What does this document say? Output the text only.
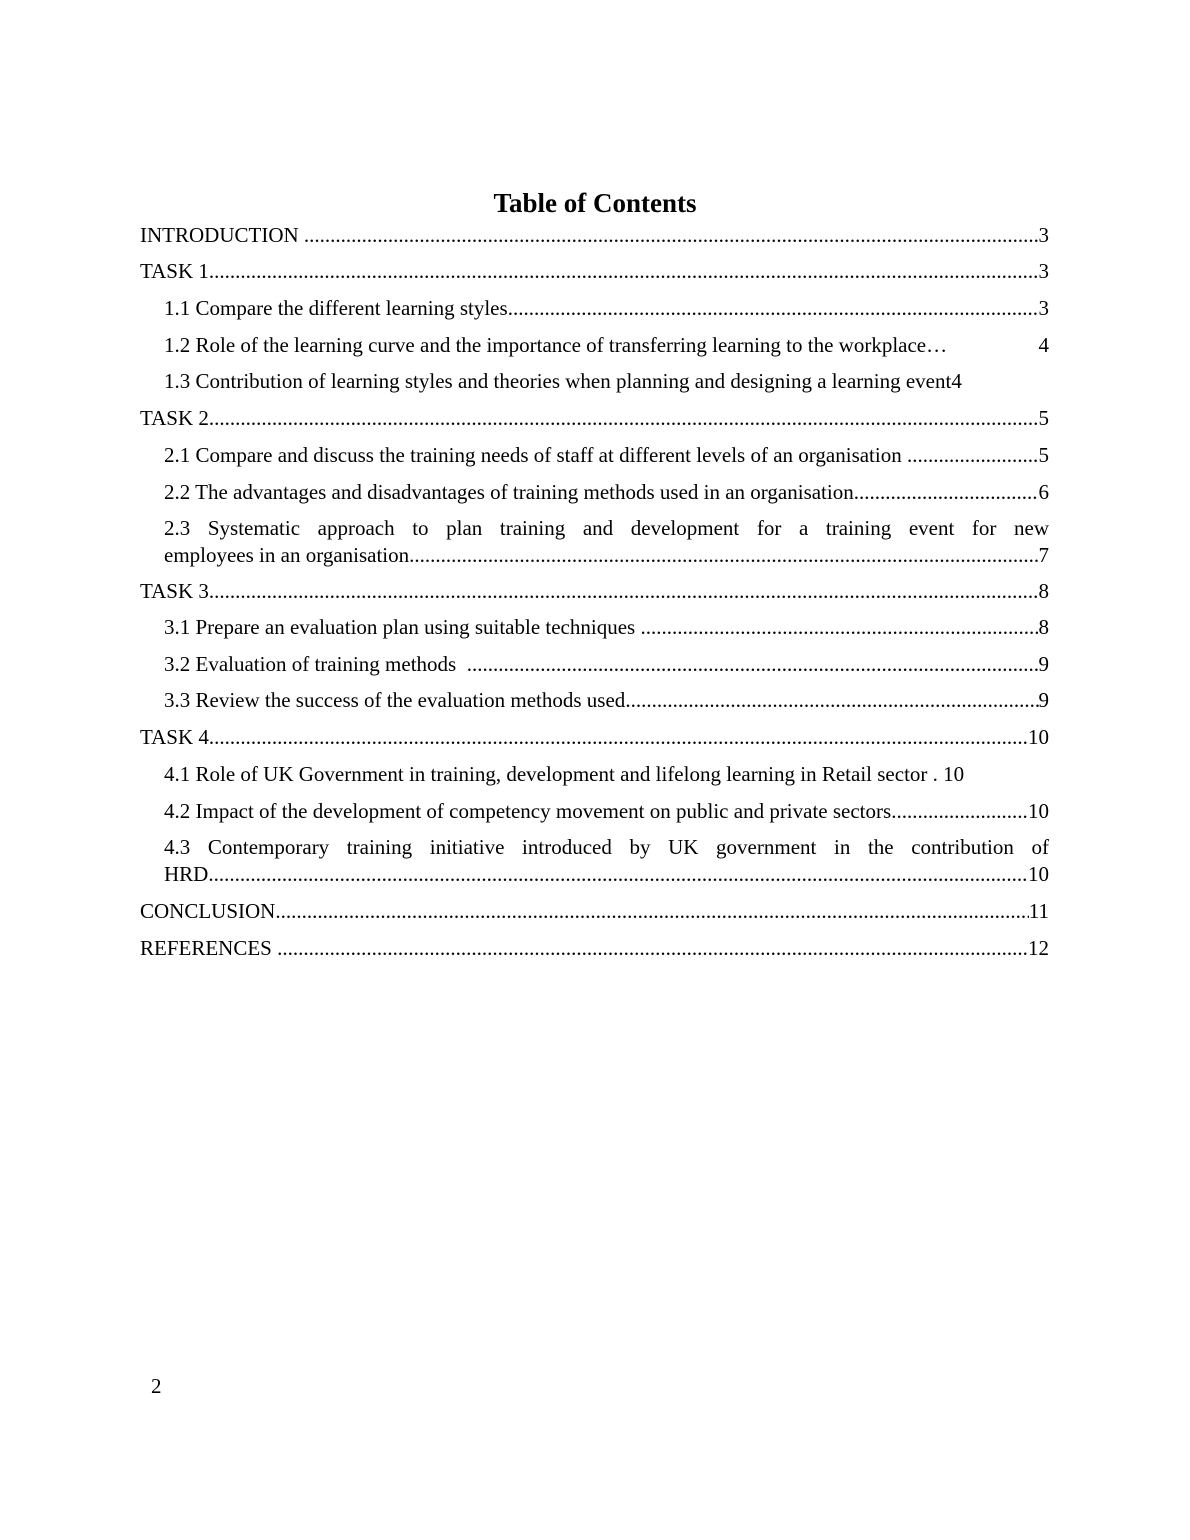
Table of Contents
INTRODUCTION .....	3
TASK 1 .....	3
1.1 Compare the different learning styles .....	3
1.2 Role of the learning curve and the importance of transferring learning to the workplace …	4
1.3 Contribution of learning styles and theories when planning and designing a learning event 4
TASK 2 .....	5
2.1 Compare and discuss the training needs of staff at different levels of an organisation .....	5
2.2 The advantages and disadvantages of training methods used in an organisation .....	6
2.3 Systematic approach to plan training and development for a training event for new
employees in an organisation .....	7
TASK 3 .....	8
3.1 Prepare an evaluation plan using suitable techniques .....	8
3.2 Evaluation of training methods .....	9
3.3 Review the success of the evaluation methods used .....	9
TASK 4 .....	10
4.1 Role of UK Government in training, development and lifelong learning in Retail sector . 10
4.2 Impact of the development of competency movement on public and private sectors .....	10
4.3 Contemporary training initiative introduced by UK government in the contribution of
HRD .....	10
CONCLUSION .....	11
REFERENCES .....	12
2
